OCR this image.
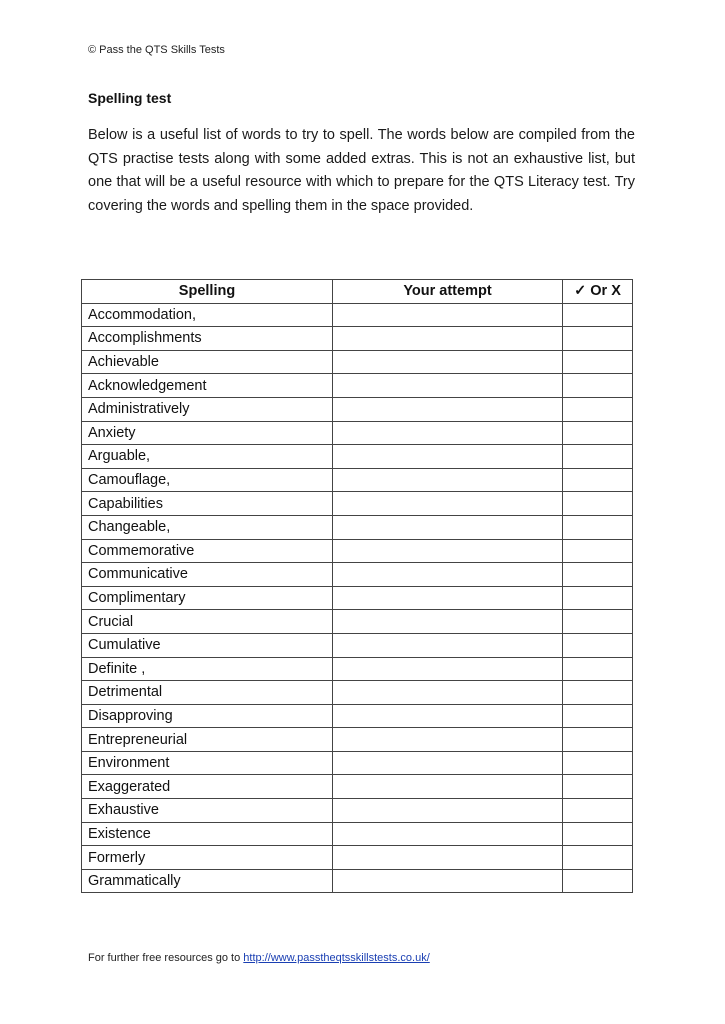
© Pass the QTS Skills Tests
Spelling test
Below is a useful list of words to try to spell. The words below are compiled from the QTS practise tests along with some added extras. This is not an exhaustive list, but one that will be a useful resource with which to prepare for the QTS Literacy test. Try covering the words and spelling them in the space provided.
Spelling	Your attempt	✓ Or X
Accommodation,		
Accomplishments		
Achievable		
Acknowledgement		
Administratively		
Anxiety		
Arguable,		
Camouflage,		
Capabilities		
Changeable,		
Commemorative		
Communicative		
Complimentary		
Crucial		
Cumulative		
Definite ,		
Detrimental		
Disapproving		
Entrepreneurial		
Environment		
Exaggerated		
Exhaustive		
Existence		
Formerly		
Grammatically		
For further free resources go to http://www.passtheqtsskillstests.co.uk/
